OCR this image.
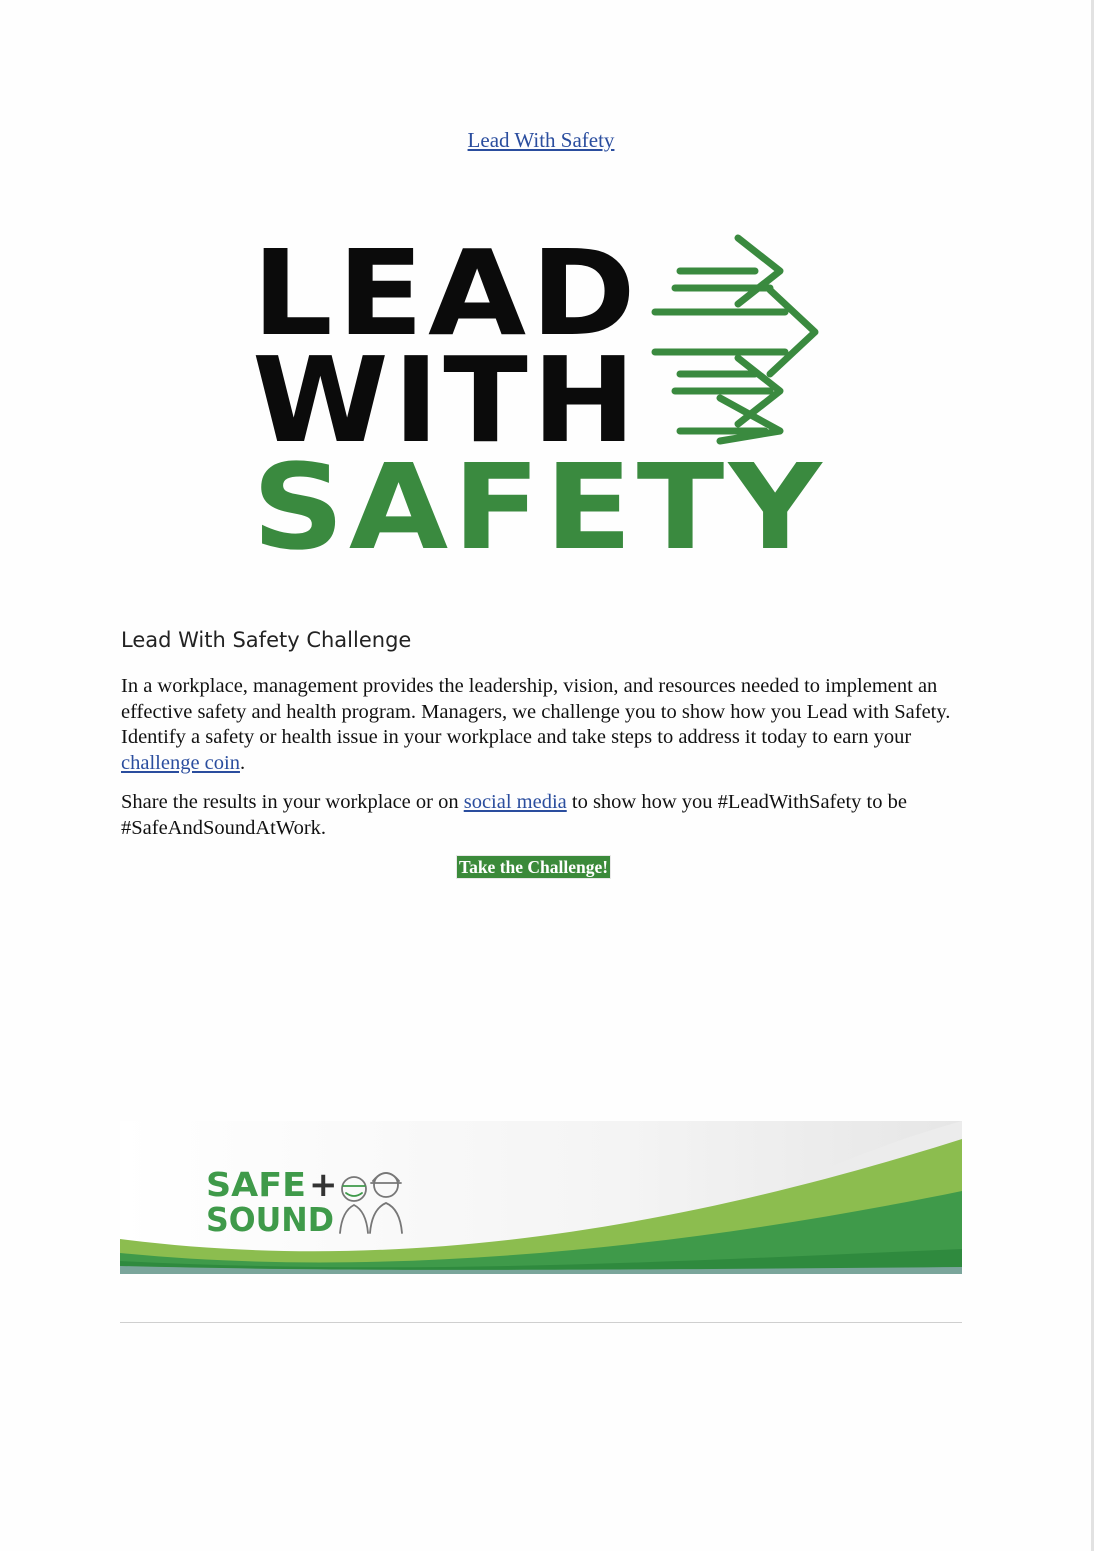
Lead With Safety
LEAD
WITH
SAFETY
Lead With Safety Challenge

In a workplace, management provides the leadership, vision, and resources needed to implement an effective safety and health program. Managers, we challenge you to show how you Lead with Safety. Identify a safety or health issue in your workplace and take steps to address it today to earn your challenge coin.

Share the results in your workplace or on social media to show how you #LeadWithSafety to be #SafeAndSoundAtWork.

Take the Challenge!
SAFE +
SOUND
